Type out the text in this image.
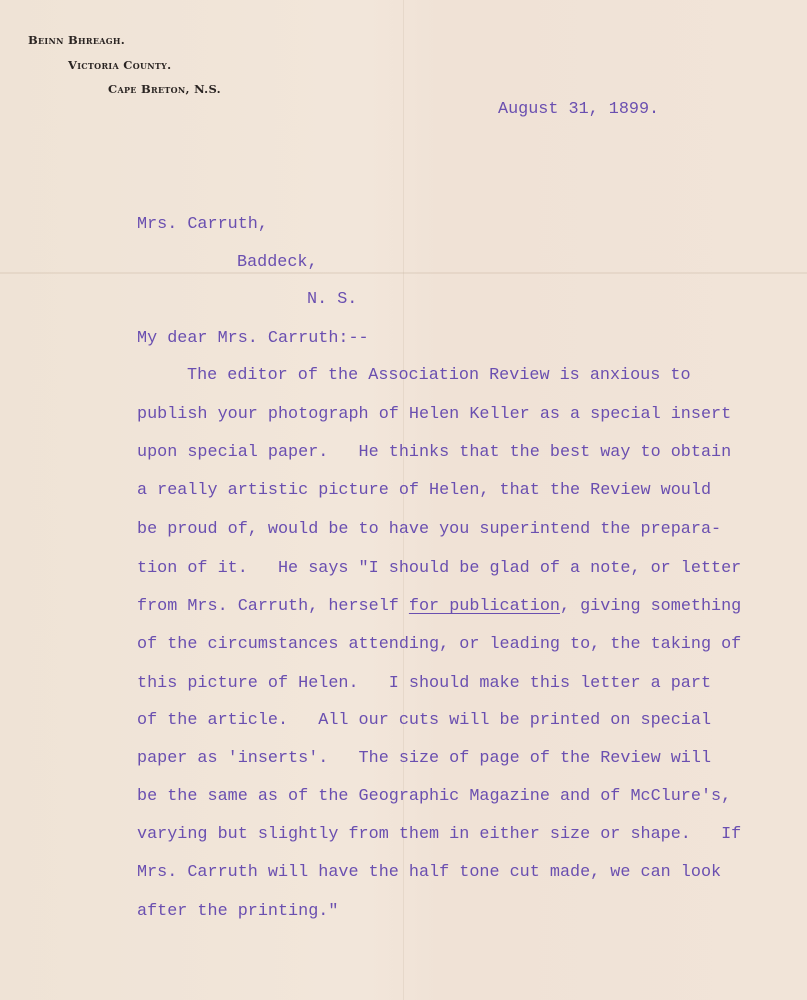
Beinn Bhreagh.
Victoria County.
Cape Breton, N.S.
August 31, 1899.
Mrs. Carruth,
Baddeck,
N. S.
My dear Mrs. Carruth:--
The editor of the Association Review is anxious to
publish your photograph of Helen Keller as a special insert
upon special paper.   He thinks that the best way to obtain
a really artistic picture of Helen, that the Review would
be proud of, would be to have you superintend the prepara-
tion of it.   He says "I should be glad of a note, or letter
from Mrs. Carruth, herself for publication, giving something
of the circumstances attending, or leading to, the taking of
this picture of Helen.   I should make this letter a part
of the article.   All our cuts will be printed on special
paper as 'inserts'.   The size of page of the Review will
be the same as of the Geographic Magazine and of McClure's,
varying but slightly from them in either size or shape.   If
Mrs. Carruth will have the half tone cut made, we can look
after the printing."
